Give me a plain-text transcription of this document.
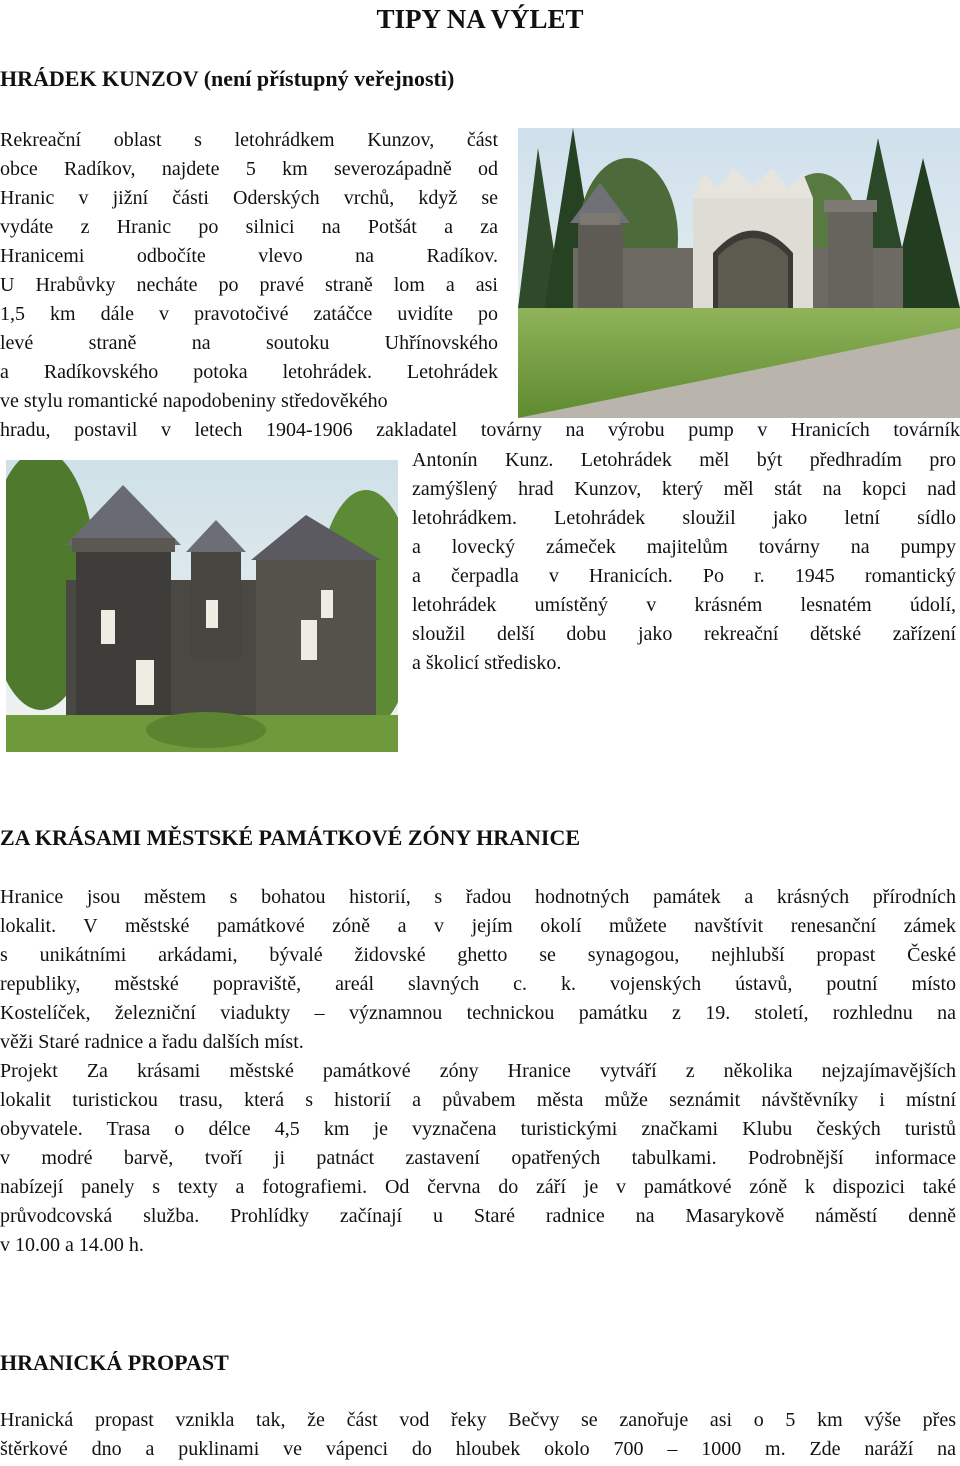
TIPY NA VÝLET
HRÁDEK KUNZOV (není přístupný veřejnosti)
Rekreační oblast s letohrádkem Kunzov, část
obce Radíkov, najdete 5 km severozápadně od
Hranic v jižní části Oderských vrchů, když se
vydáte z Hranic po silnici na Potšát a za
Hranicemi odbočíte vlevo na Radíkov.
U Hrabůvky necháte po pravé straně lom a asi
1,5 km dále v pravotočivé zatáčce uvidíte po
levé straně na soutoku Uhřínovského
a Radíkovského potoka letohrádek. Letohrádek
ve stylu romantické napodobeniny středověkého
hradu, postavil v letech 1904-1906 zakladatel továrny na výrobu pump v Hranicích továrník
Antonín Kunz. Letohrádek měl být předhradím pro
zamýšlený hrad Kunzov, který měl stát na kopci nad
letohrádkem. Letohrádek sloužil jako letní sídlo
a lovecký zámeček majitelům továrny na pumpy
a čerpadla v Hranicích. Po r. 1945 romantický
letohrádek umístěný v krásném lesnatém údolí,
sloužil delší dobu jako rekreační dětské zařízení
a školicí středisko.
ZA KRÁSAMI MĚSTSKÉ PAMÁTKOVÉ ZÓNY HRANICE
Hranice jsou městem s bohatou historií, s řadou hodnotných památek a krásných přírodních
lokalit. V městské památkové zóně a v jejím okolí můžete navštívit renesanční zámek
s unikátními arkádami, bývalé židovské ghetto se synagogou, nejhlubší propast České
republiky, městské popraviště, areál slavných c. k. vojenských ústavů, poutní místo
Kostelíček, železniční viadukty – významnou technickou památku z 19. století, rozhlednu na
věži Staré radnice a řadu dalších míst.
Projekt Za krásami městské památkové zóny Hranice vytváří z několika nejzajímavějších
lokalit turistickou trasu, která s historií a půvabem města může seznámit návštěvníky i místní
obyvatele. Trasa o délce 4,5 km je vyznačena turistickými značkami Klubu českých turistů
v modré barvě, tvoří ji patnáct zastavení opatřených tabulkami. Podrobnější informace
nabízejí panely s texty a fotografiemi. Od června do září je v památkové zóně k dispozici také
průvodcovská služba. Prohlídky začínají u Staré radnice na Masarykově náměstí denně
v 10.00 a 14.00 h.
HRANICKÁ PROPAST
Hranická propast vznikla tak, že část vod řeky Bečvy se zanořuje asi o 5 km výše přes
štěrkové dno a puklinami ve vápenci do hloubek okolo 700 – 1000 m. Zde naráží na
